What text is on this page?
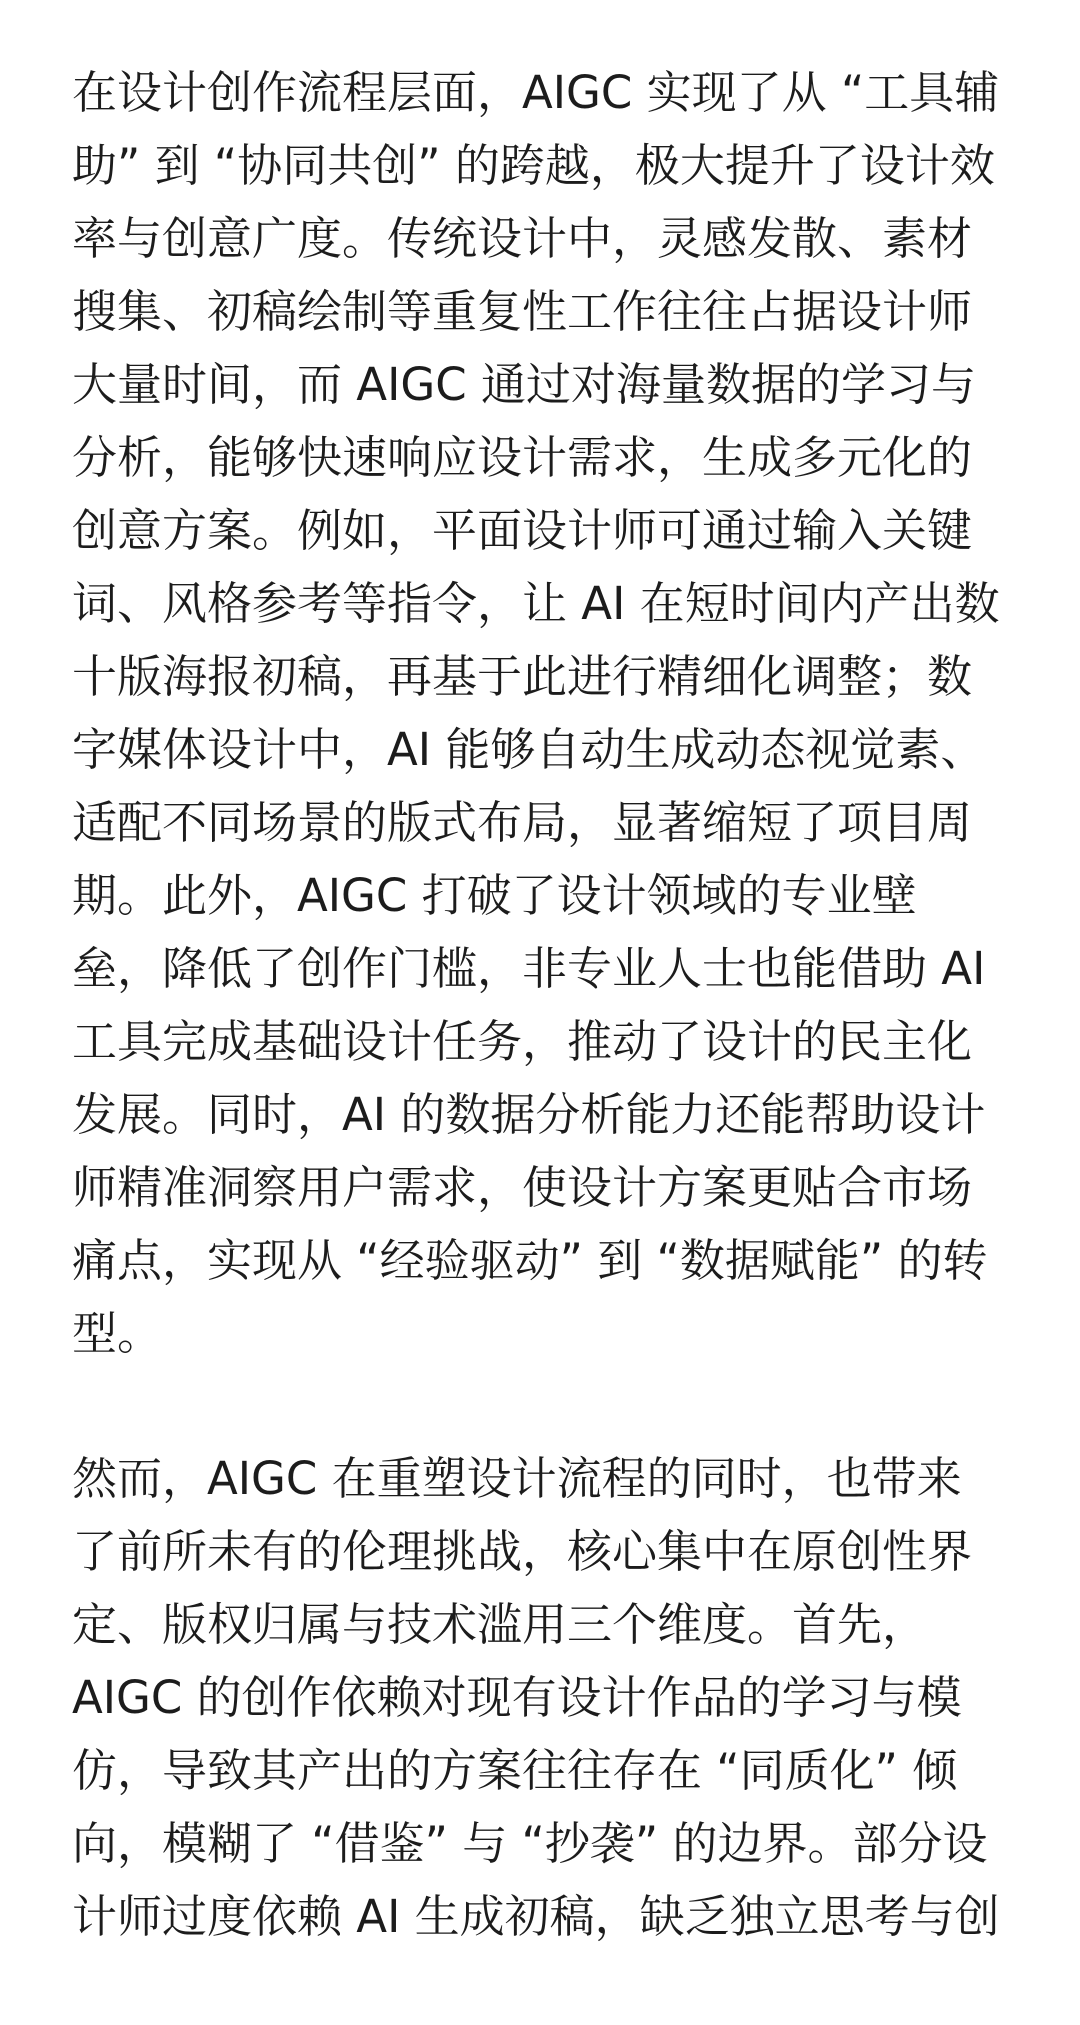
在设计创作流程层面，AIGC 实现了从 “工具辅
助” 到 “协同共创” 的跨越，极大提升了设计效
率与创意广度。传统设计中，灵感发散、素材
搜集、初稿绘制等重复性工作往往占据设计师
大量时间，而 AIGC 通过对海量数据的学习与
分析，能够快速响应设计需求，生成多元化的
创意方案。例如，平面设计师可通过输入关键
词、风格参考等指令，让 AI 在短时间内产出数
十版海报初稿，再基于此进行精细化调整；数
字媒体设计中，AI 能够自动生成动态视觉素、
适配不同场景的版式布局，显著缩短了项目周
期。此外，AIGC 打破了设计领域的专业壁
垒，降低了创作门槛，非专业人士也能借助 AI
工具完成基础设计任务，推动了设计的民主化
发展。同时，AI 的数据分析能力还能帮助设计
师精准洞察用户需求，使设计方案更贴合市场
痛点，实现从 “经验驱动” 到 “数据赋能” 的转
型。

然而，AIGC 在重塑设计流程的同时，也带来
了前所未有的伦理挑战，核心集中在原创性界
定、版权归属与技术滥用三个维度。首先，
AIGC 的创作依赖对现有设计作品的学习与模
仿，导致其产出的方案往往存在 “同质化” 倾
向，模糊了 “借鉴” 与 “抄袭” 的边界。部分设
计师过度依赖 AI 生成初稿，缺乏独立思考与创
